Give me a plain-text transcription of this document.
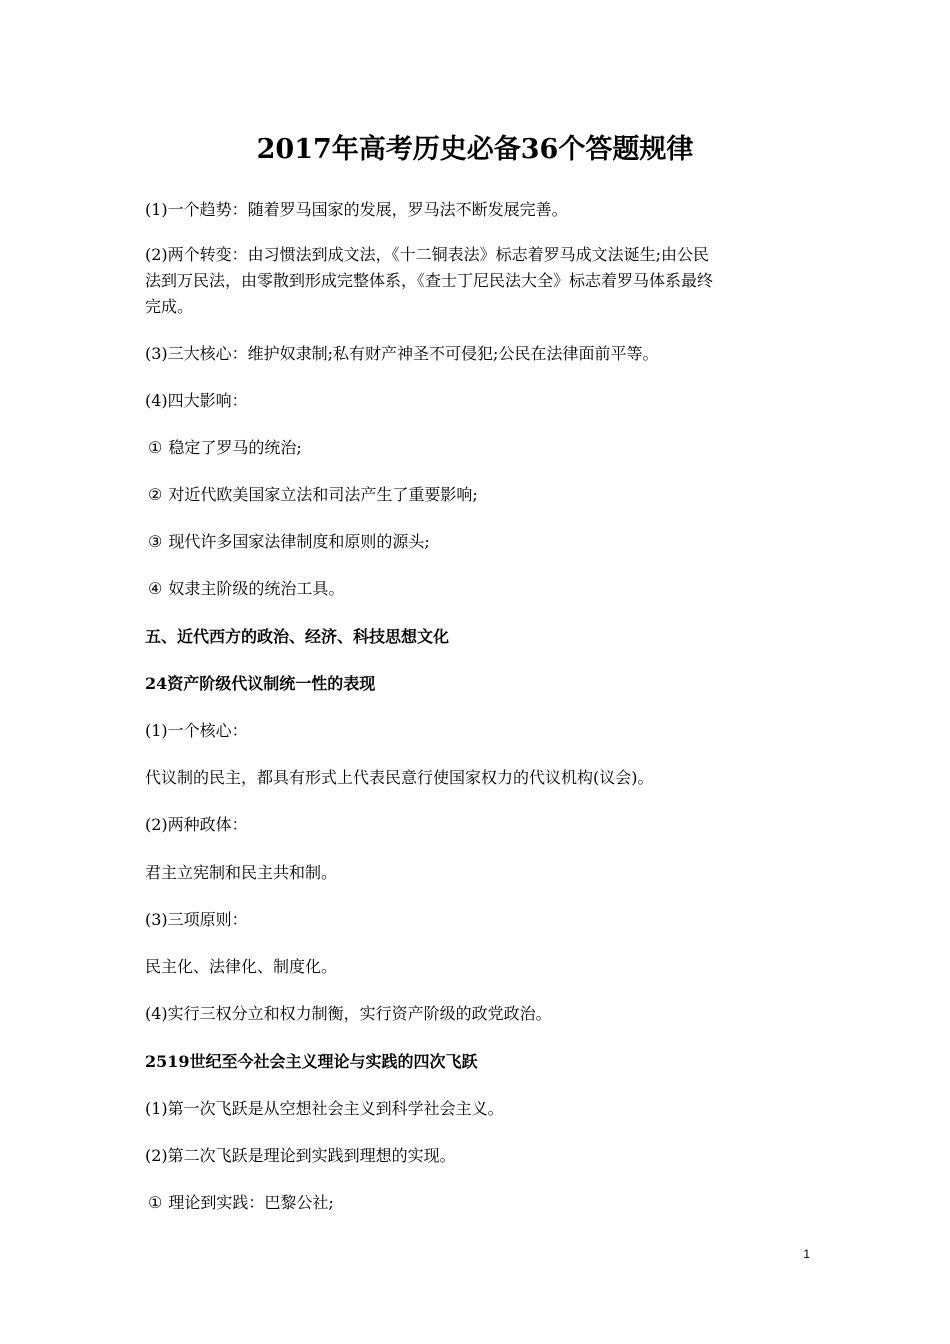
2017年高考历史必备36个答题规律

(1)一个趋势：随着罗马国家的发展，罗马法不断发展完善。

(2)两个转变：由习惯法到成文法，《十二铜表法》标志着罗马成文法诞生;由公民

法到万民法，由零散到形成完整体系，《查士丁尼民法大全》标志着罗马体系最终

完成。

(3)三大核心：维护奴隶制;私有财产神圣不可侵犯;公民在法律面前平等。

(4)四大影响：

① 稳定了罗马的统治;

② 对近代欧美国家立法和司法产生了重要影响;

③ 现代许多国家法律制度和原则的源头;

④ 奴隶主阶级的统治工具。

五、近代西方的政治、经济、科技思想文化

24资产阶级代议制统一性的表现

(1)一个核心：

代议制的民主，都具有形式上代表民意行使国家权力的代议机构(议会)。

(2)两种政体：

君主立宪制和民主共和制。

(3)三项原则：

民主化、法律化、制度化。

(4)实行三权分立和权力制衡，实行资产阶级的政党政治。

2519世纪至今社会主义理论与实践的四次飞跃

(1)第一次飞跃是从空想社会主义到科学社会主义。

(2)第二次飞跃是理论到实践到理想的实现。

① 理论到实践：巴黎公社;

1
